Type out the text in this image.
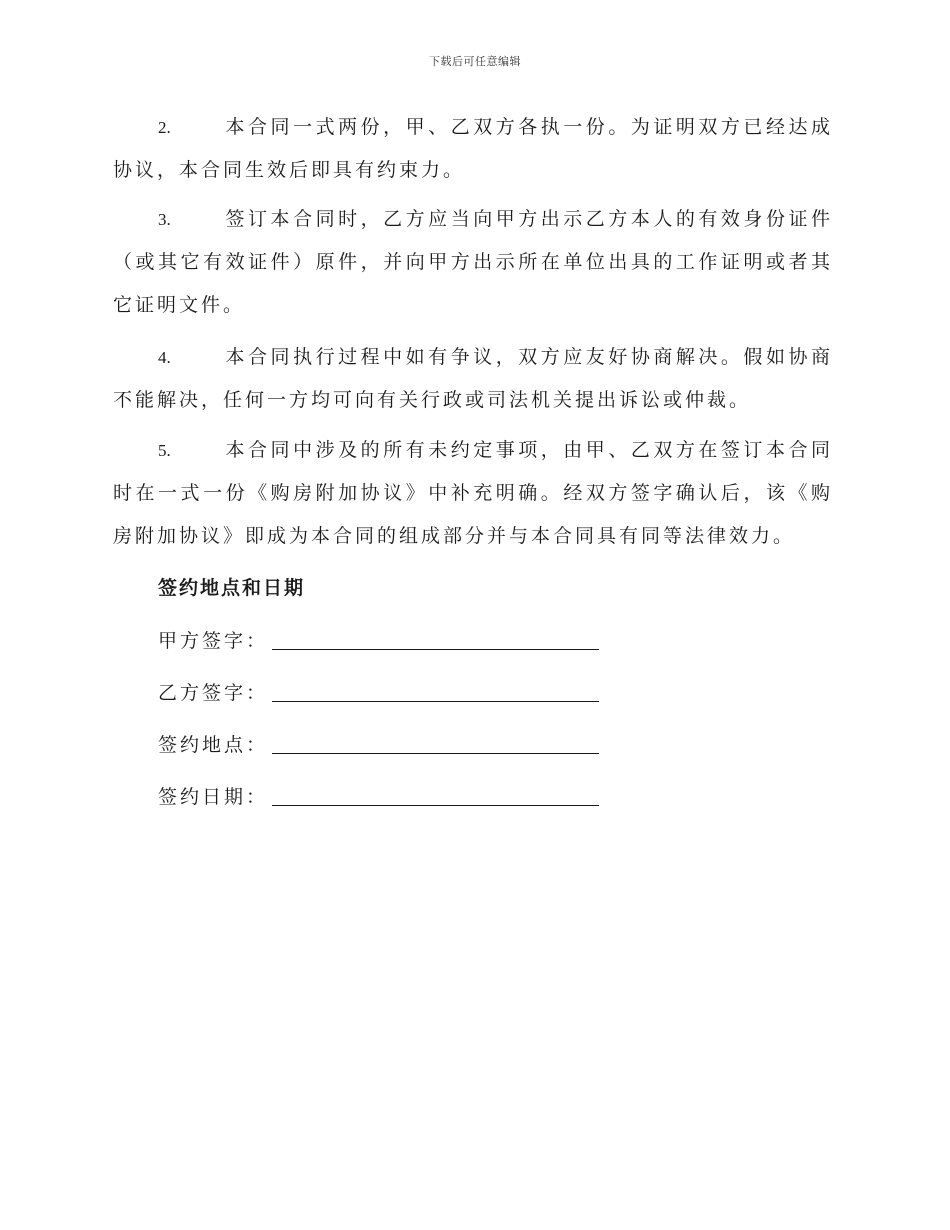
下载后可任意编辑
2.	本合同一式两份，甲、乙双方各执一份。为证明双方已经达成协议，本合同生效后即具有约束力。
3.	签订本合同时，乙方应当向甲方出示乙方本人的有效身份证件（或其它有效证件）原件，并向甲方出示所在单位出具的工作证明或者其它证明文件。
4.	本合同执行过程中如有争议，双方应友好协商解决。假如协商不能解决，任何一方均可向有关行政或司法机关提出诉讼或仲裁。
5.	本合同中涉及的所有未约定事项，由甲、乙双方在签订本合同时在一式一份《购房附加协议》中补充明确。经双方签字确认后，该《购房附加协议》即成为本合同的组成部分并与本合同具有同等法律效力。
签约地点和日期
甲方签字：
乙方签字：
签约地点：
签约日期：
